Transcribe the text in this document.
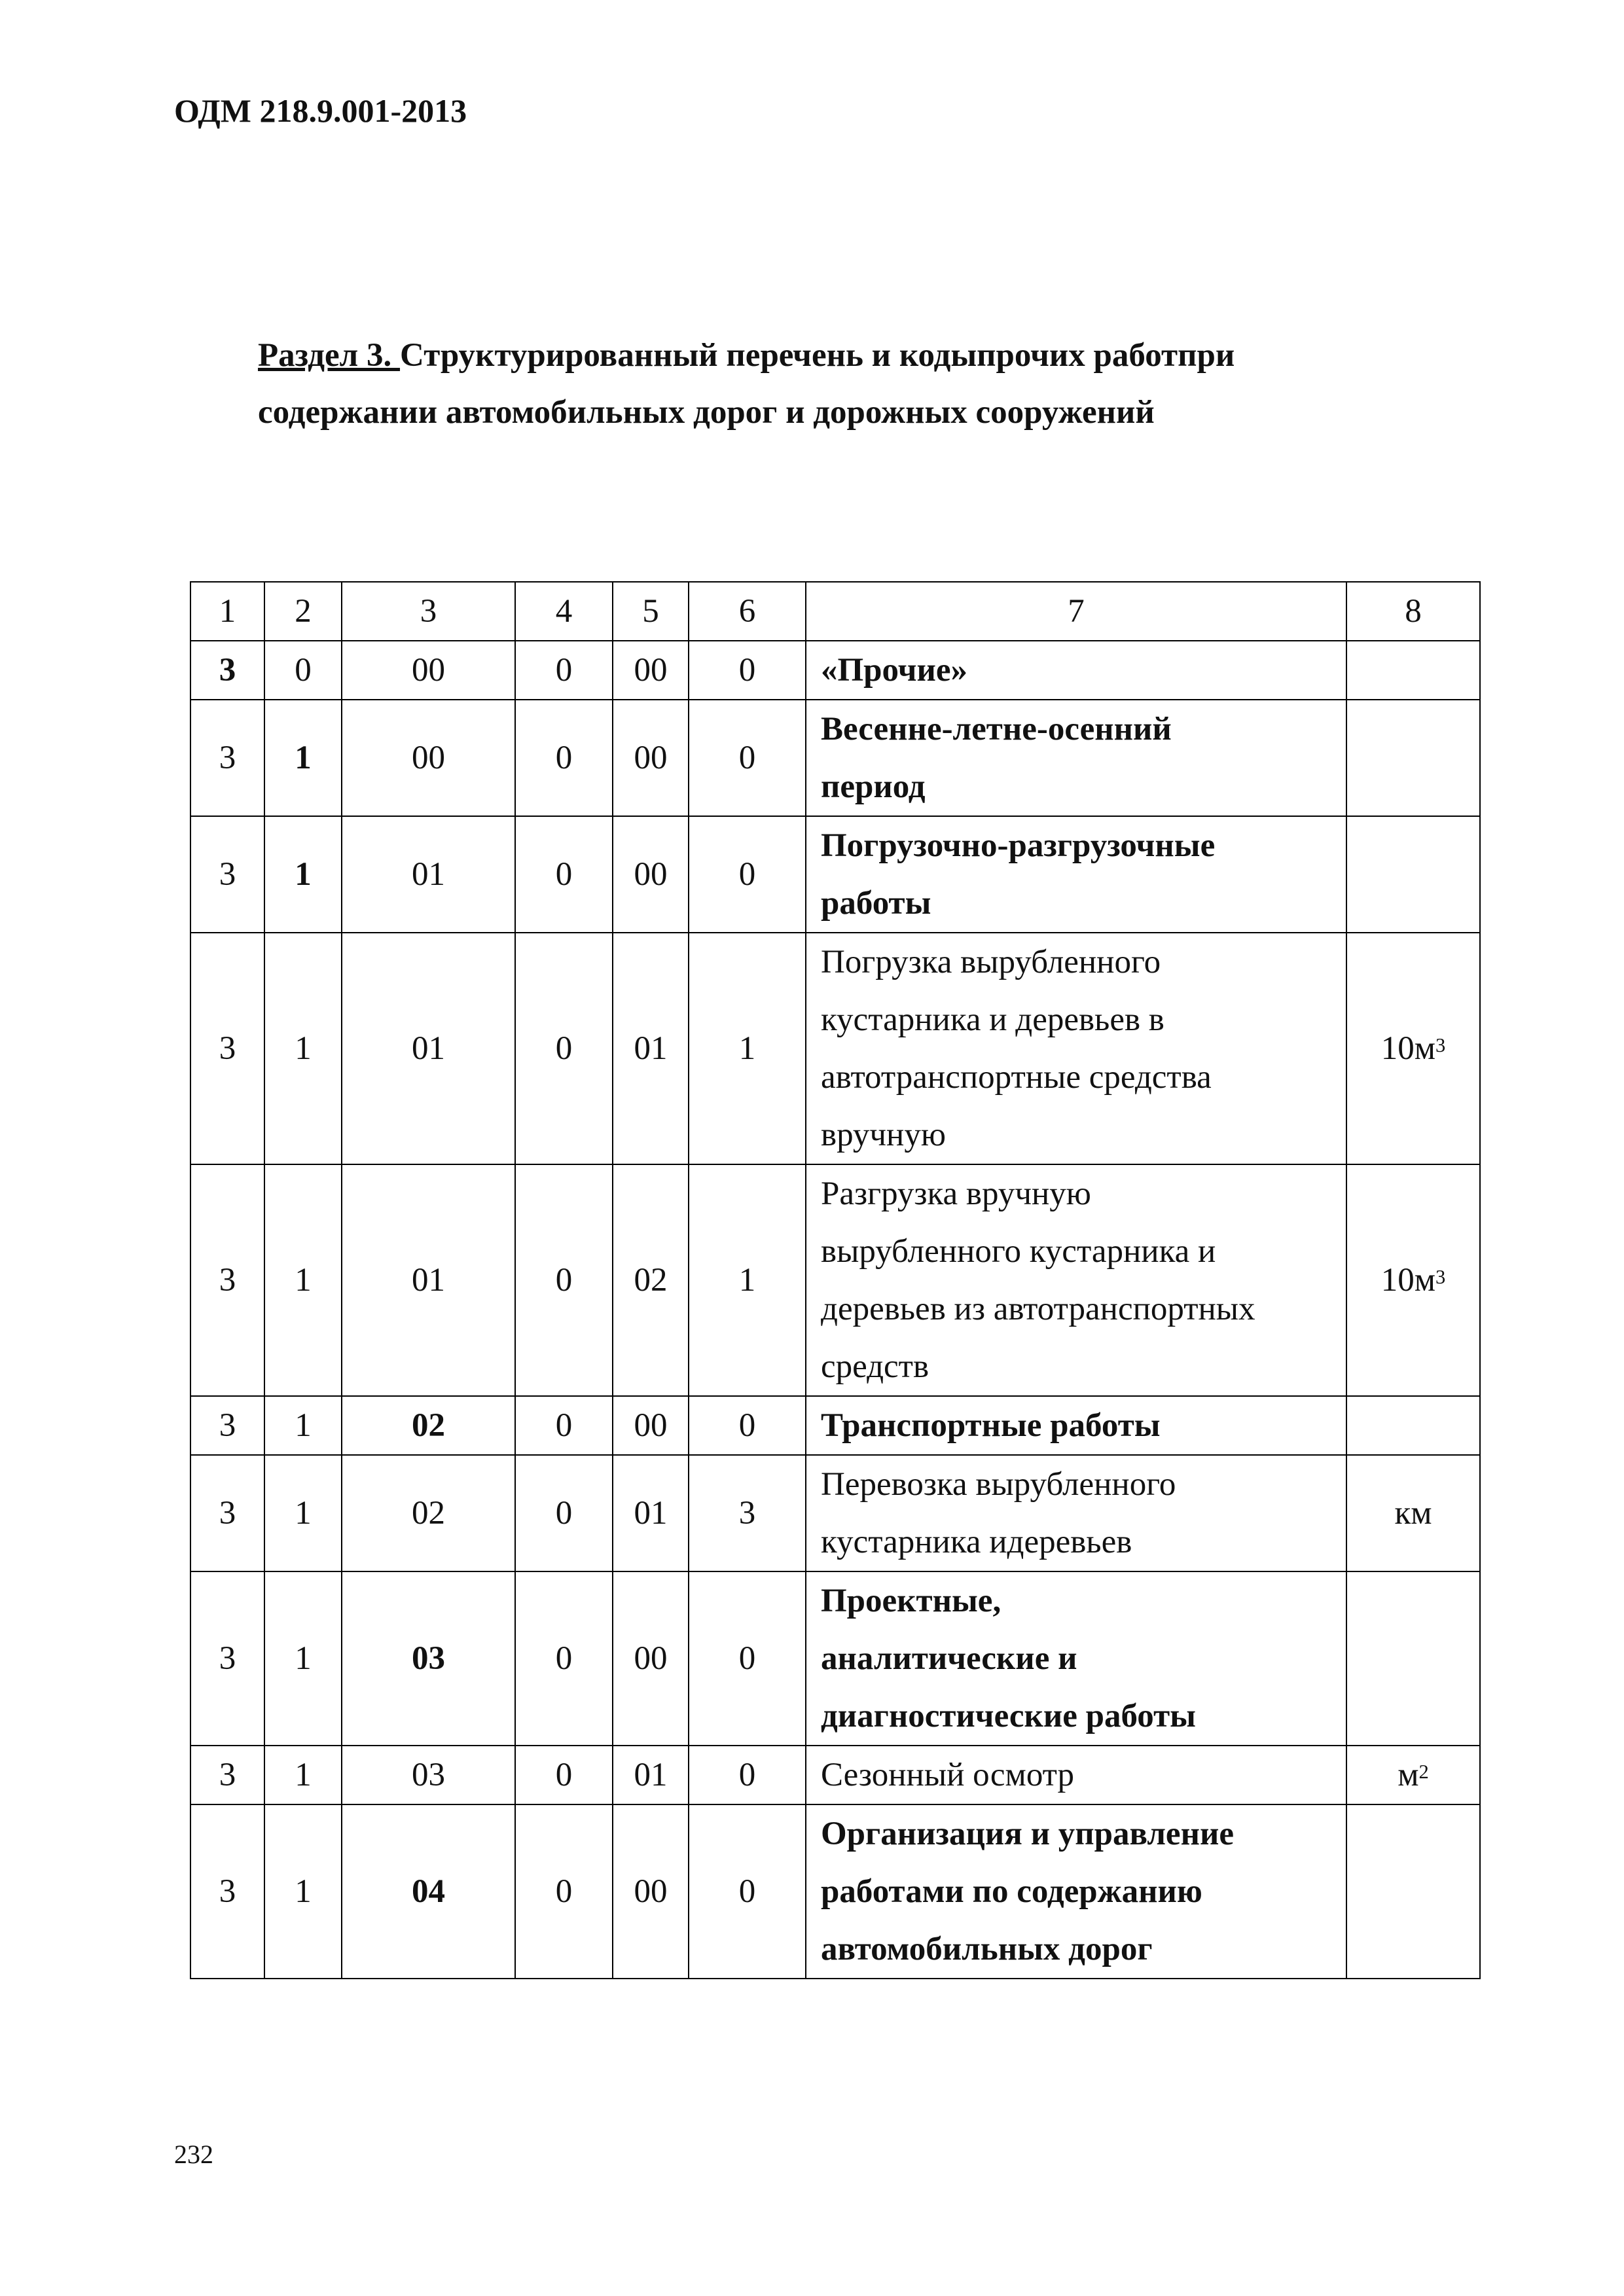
ОДМ 218.9.001-2013
Раздел 3. Структурированный перечень и кодыпрочих работпри
содержании автомобильных дорог и дорожных сооружений
1	2	3	4	5	6	7	8
3	0	00	0	00	0	«Прочие»	
3	1	00	0	00	0	Весенне-летне-осенний
период	

3	1	01	0	00	0	Погрузочно-разгрузочные
работы	

3	1	01	0	01	1	Погрузка вырубленного
кустарника и деревьев в
автотранспортные средства
вручную	$10м^3$
3	1	01	0	02	1	Разгрузка вручную
вырубленного кустарника и
деревьев из автотранспортных
средств	$10м^3$
3	1	02	0	00	0	Транспортные работы	
3	1	02	0	01	3	Перевозка вырубленного
кустарника идеревьев	км
3	1	03	0	00	0	Проектные,
аналитические и
диагностические работы	

3	1	03	0	01	0	Сезонный осмотр	$м^2$
3	1	04	0	00	0	Организация и управление
работами по содержанию
автомобильных дорог	

232
